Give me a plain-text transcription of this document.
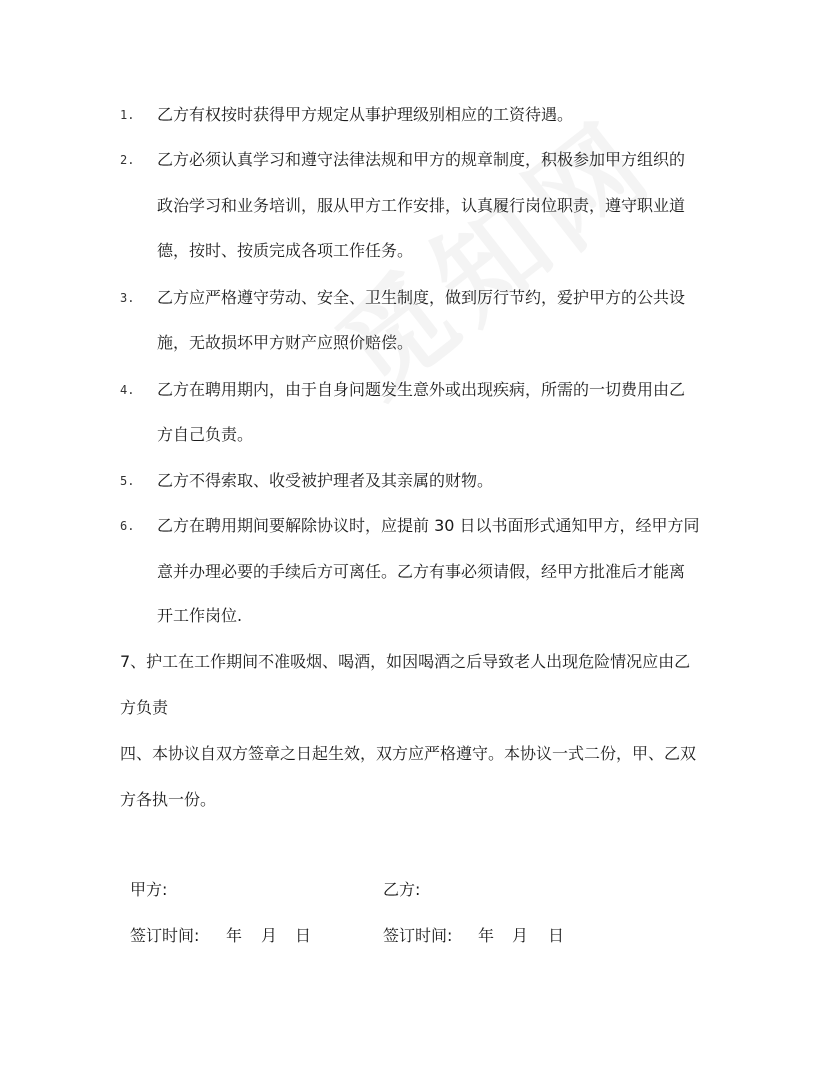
1. 乙方有权按时获得甲方规定从事护理级别相应的工资待遇。
2. 乙方必须认真学习和遵守法律法规和甲方的规章制度，积极参加甲方组织的
政治学习和业务培训，服从甲方工作安排，认真履行岗位职责，遵守职业道
德，按时、按质完成各项工作任务。
3. 乙方应严格遵守劳动、安全、卫生制度，做到厉行节约，爱护甲方的公共设
施，无故损坏甲方财产应照价赔偿。
4. 乙方在聘用期内，由于自身问题发生意外或出现疾病，所需的一切费用由乙
方自己负责。
5. 乙方不得索取、收受被护理者及其亲属的财物。
6. 乙方在聘用期间要解除协议时，应提前 30 日以书面形式通知甲方，经甲方同
意并办理必要的手续后方可离任。乙方有事必须请假，经甲方批准后才能离
开工作岗位.
7、护工在工作期间不准吸烟、喝酒，如因喝酒之后导致老人出现危险情况应由乙
方负责
四、本协议自双方签章之日起生效，双方应严格遵守。本协议一式二份，甲、乙双
方各执一份。
甲方:	乙方:
签订时间: 年 月 日	签订时间: 年 月 日
